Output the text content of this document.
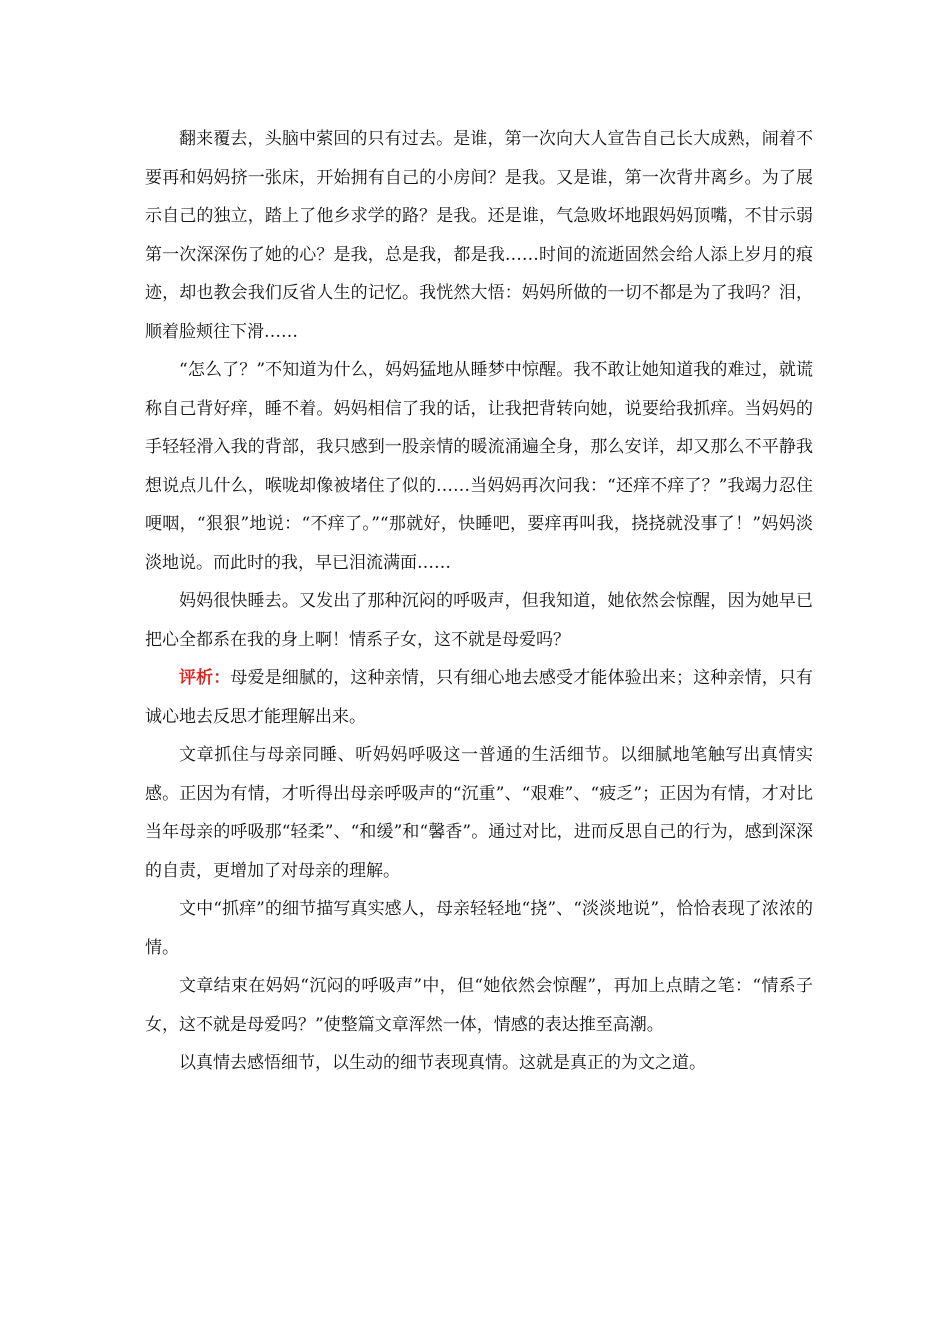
翻来覆去，头脑中萦回的只有过去。是谁，第一次向大人宣告自己长大成熟，闹着不要再和妈妈挤一张床，开始拥有自己的小房间？是我。又是谁，第一次背井离乡。为了展示自己的独立，踏上了他乡求学的路？是我。还是谁，气急败坏地跟妈妈顶嘴，不甘示弱第一次深深伤了她的心？是我，总是我，都是我……时间的流逝固然会给人添上岁月的痕迹，却也教会我们反省人生的记忆。我恍然大悟：妈妈所做的一切不都是为了我吗？泪，顺着脸颊往下滑……

“怎么了？”不知道为什么，妈妈猛地从睡梦中惊醒。我不敢让她知道我的难过，就谎称自己背好痒，睡不着。妈妈相信了我的话，让我把背转向她，说要给我抓痒。当妈妈的手轻轻滑入我的背部，我只感到一股亲情的暖流涌遍全身，那么安详，却又那么不平静我想说点儿什么，喉咙却像被堵住了似的……当妈妈再次问我：“还痒不痒了？”我竭力忍住哽咽，“狠狠”地说：“不痒了。”“那就好，快睡吧，要痒再叫我，挠挠就没事了！”妈妈淡淡地说。而此时的我，早已泪流满面……

妈妈很快睡去。又发出了那种沉闷的呼吸声，但我知道，她依然会惊醒，因为她早已把心全都系在我的身上啊！情系子女，这不就是母爱吗？

评析：母爱是细腻的，这种亲情，只有细心地去感受才能体验出来；这种亲情，只有诚心地去反思才能理解出来。

文章抓住与母亲同睡、听妈妈呼吸这一普通的生活细节。以细腻地笔触写出真情实感。正因为有情，才听得出母亲呼吸声的“沉重”、“艰难”、“疲乏”；正因为有情，才对比当年母亲的呼吸那“轻柔”、“和缓”和“馨香”。通过对比，进而反思自己的行为，感到深深的自责，更增加了对母亲的理解。

文中“抓痒”的细节描写真实感人，母亲轻轻地“挠”、“淡淡地说”，恰恰表现了浓浓的情。

文章结束在妈妈“沉闷的呼吸声”中，但“她依然会惊醒”，再加上点睛之笔：“情系子女，这不就是母爱吗？”使整篇文章浑然一体，情感的表达推至高潮。

以真情去感悟细节，以生动的细节表现真情。这就是真正的为文之道。
